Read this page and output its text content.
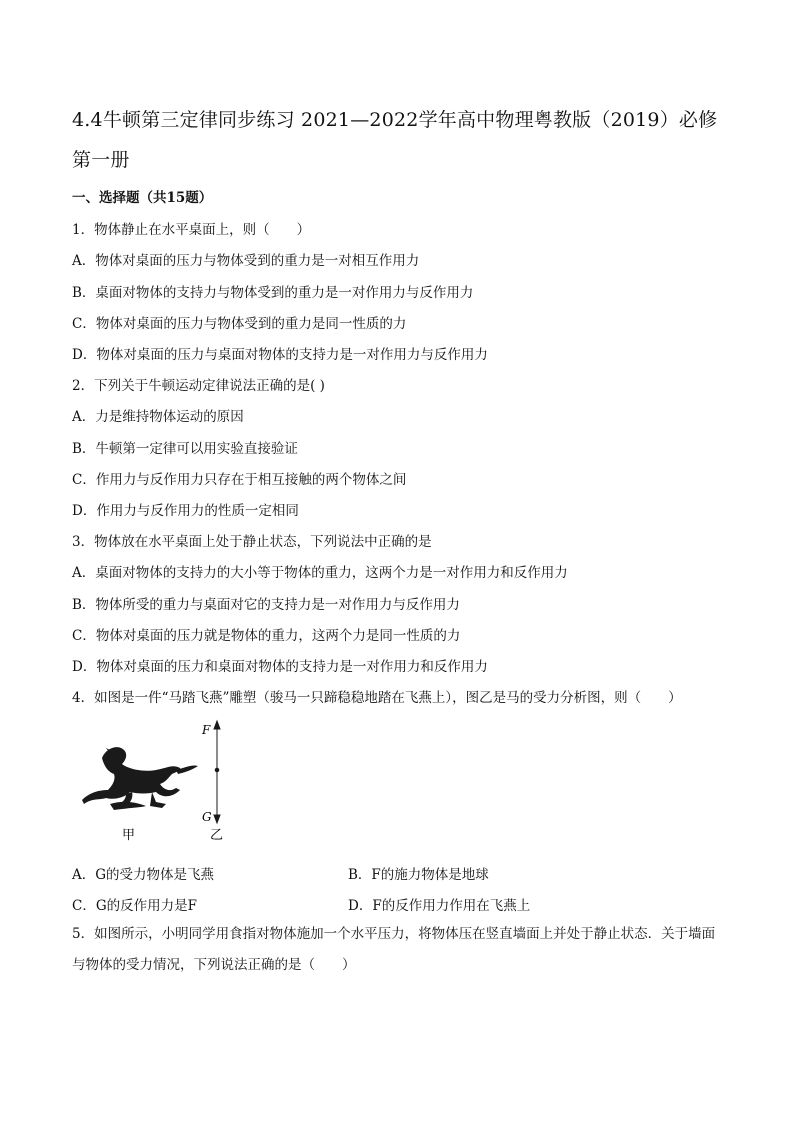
4.4牛顿第三定律同步练习 2021—2022学年高中物理粤教版（2019）必修第一册
一、选择题（共15题）
1．物体静止在水平桌面上，则（　　）
A．物体对桌面的压力与物体受到的重力是一对相互作用力
B．桌面对物体的支持力与物体受到的重力是一对作用力与反作用力
C．物体对桌面的压力与物体受到的重力是同一性质的力
D．物体对桌面的压力与桌面对物体的支持力是一对作用力与反作用力
2．下列关于牛顿运动定律说法正确的是( )
A．力是维持物体运动的原因
B．牛顿第一定律可以用实验直接验证
C．作用力与反作用力只存在于相互接触的两个物体之间
D．作用力与反作用力的性质一定相同
3．物体放在水平桌面上处于静止状态，下列说法中正确的是
A．桌面对物体的支持力的大小等于物体的重力，这两个力是一对作用力和反作用力
B．物体所受的重力与桌面对它的支持力是一对作用力与反作用力
C．物体对桌面的压力就是物体的重力，这两个力是同一性质的力
D．物体对桌面的压力和桌面对物体的支持力是一对作用力和反作用力
4．如图是一件“马踏飞燕”雕塑（骏马一只蹄稳稳地踏在飞燕上），图乙是马的受力分析图，则（　　）
甲
F
G
乙
A．G的受力物体是飞燕	B．F的施力物体是地球
C．G的反作用力是F	D．F的反作用力作用在飞燕上
5．如图所示，小明同学用食指对物体施加一个水平压力，将物体压在竖直墙面上并处于静止状态．关于墙面与物体的受力情况，下列说法正确的是（　　）
